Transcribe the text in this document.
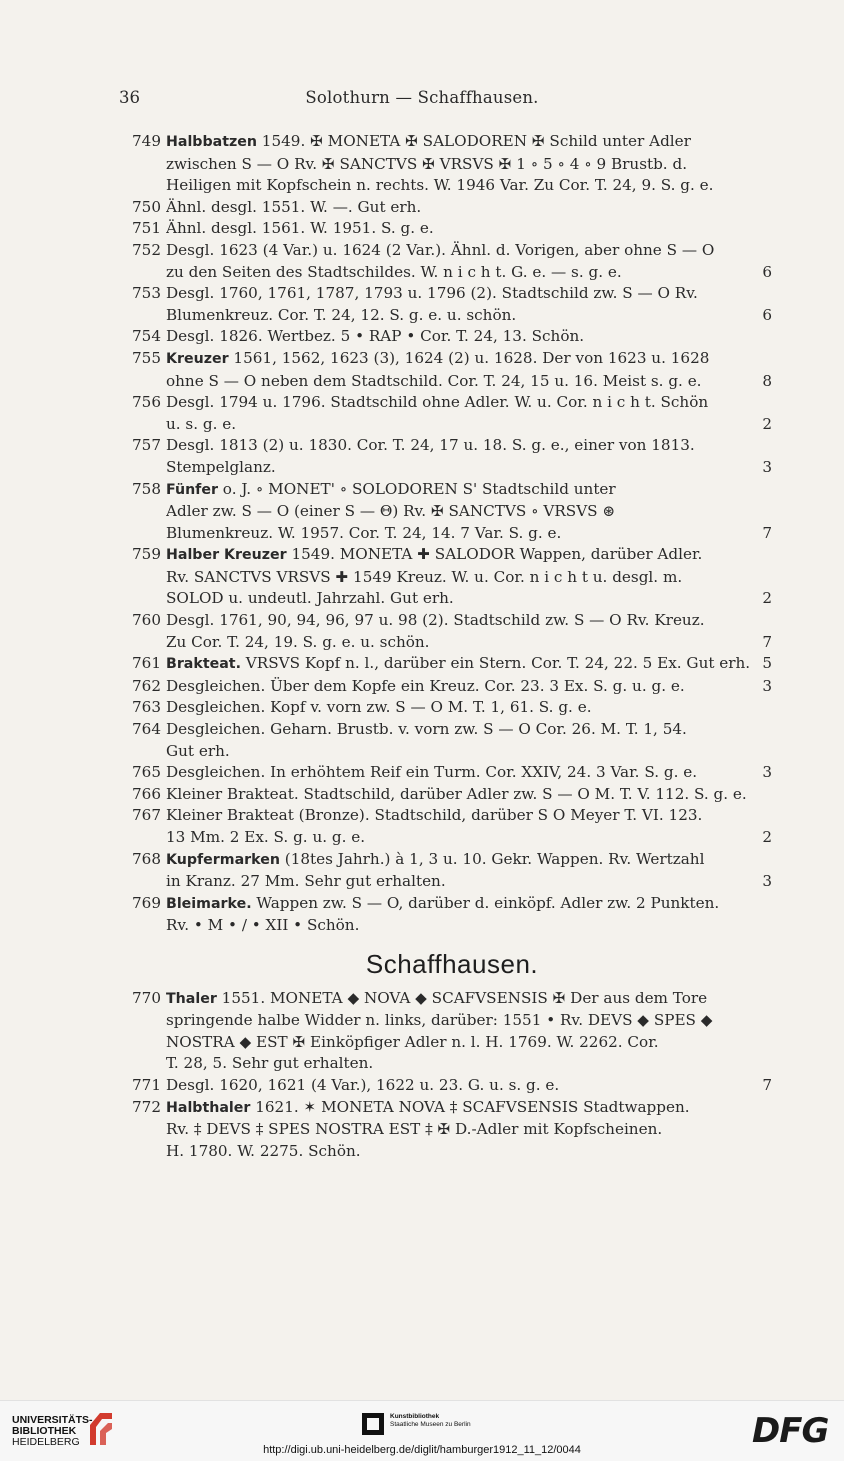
36	Solothurn — Schaffhausen.
749 Halbbatzen 1549. ✠ MONETA ✠ SALODOREN ✠ Schild unter Adler
zwischen S — O Rv. ✠ SANCTVS ✠ VRSVS ✠ 1 ∘ 5 ∘ 4 ∘ 9 Brustb. d.
Heiligen mit Kopfschein n. rechts. W. 1946 Var. Zu Cor. T. 24, 9. S. g. e.
750 Ähnl. desgl. 1551. W. —. Gut erh.
751 Ähnl. desgl. 1561. W. 1951. S. g. e.
752 Desgl. 1623 (4 Var.) u. 1624 (2 Var.). Ähnl. d. Vorigen, aber ohne S — O
zu den Seiten des Stadtschildes. W. n i c h t. G. e. — s. g. e.	6
753 Desgl. 1760, 1761, 1787, 1793 u. 1796 (2). Stadtschild zw. S — O Rv.
Blumenkreuz. Cor. T. 24, 12. S. g. e. u. schön.	6
754 Desgl. 1826. Wertbez. 5 • RAP • Cor. T. 24, 13. Schön.
755 Kreuzer 1561, 1562, 1623 (3), 1624 (2) u. 1628. Der von 1623 u. 1628
ohne S — O neben dem Stadtschild. Cor. T. 24, 15 u. 16. Meist s. g. e.	8
756 Desgl. 1794 u. 1796. Stadtschild ohne Adler. W. u. Cor. n i c h t. Schön
u. s. g. e.	2
757 Desgl. 1813 (2) u. 1830. Cor. T. 24, 17 u. 18. S. g. e., einer von 1813.
Stempelglanz.	3
758 Fünfer o. J. ∘ MONET' ∘ SOLODOREN S' Stadtschild unter
Adler zw. S — O (einer S — Θ) Rv. ✠ SANCTVS ∘ VRSVS ⊛
Blumenkreuz. W. 1957. Cor. T. 24, 14. 7 Var. S. g. e.	7
759 Halber Kreuzer 1549. MONETA ✚ SALODOR Wappen, darüber Adler.
Rv. SANCTVS VRSVS ✚ 1549 Kreuz. W. u. Cor. n i c h t u. desgl. m.
SOLOD u. undeutl. Jahrzahl. Gut erh.	2
760 Desgl. 1761, 90, 94, 96, 97 u. 98 (2). Stadtschild zw. S — O Rv. Kreuz.
Zu Cor. T. 24, 19. S. g. e. u. schön.	7
761 Brakteat. VRSVS Kopf n. l., darüber ein Stern. Cor. T. 24, 22. 5 Ex. Gut erh. 5
762 Desgleichen. Über dem Kopfe ein Kreuz. Cor. 23. 3 Ex. S. g. u. g. e.	3
763 Desgleichen. Kopf v. vorn zw. S — O M. T. 1, 61. S. g. e.
764 Desgleichen. Geharn. Brustb. v. vorn zw. S — O Cor. 26. M. T. 1, 54.
Gut erh.
765 Desgleichen. In erhöhtem Reif ein Turm. Cor. XXIV, 24. 3 Var. S. g. e.	3
766 Kleiner Brakteat. Stadtschild, darüber Adler zw. S — O M. T. V. 112. S. g. e.
767 Kleiner Brakteat (Bronze). Stadtschild, darüber S O Meyer T. VI. 123.
13 Mm. 2 Ex. S. g. u. g. e.	2
768 Kupfermarken (18tes Jahrh.) à 1, 3 u. 10. Gekr. Wappen. Rv. Wertzahl
in Kranz. 27 Mm. Sehr gut erhalten.	3
769 Bleimarke. Wappen zw. S — O, darüber d. einköpf. Adler zw. 2 Punkten.
Rv. • M • / • XII • Schön.
Schaffhausen.
770 Thaler 1551. MONETA ◆ NOVA ◆ SCAFVSENSIS ✠ Der aus dem Tore
springende halbe Widder n. links, darüber: 1551 • Rv. DEVS ◆ SPES ◆
NOSTRA ◆ EST ✠ Einköpfiger Adler n. l. H. 1769. W. 2262. Cor.
T. 28, 5. Sehr gut erhalten.
771 Desgl. 1620, 1621 (4 Var.), 1622 u. 23. G. u. s. g. e.	7
772 Halbthaler 1621. ✶ MONETA NOVA ‡ SCAFVSENSIS Stadtwappen.
Rv. ‡ DEVS ‡ SPES NOSTRA EST ‡ ✠ D.-Adler mit Kopfscheinen.
H. 1780. W. 2275. Schön.
UNIVERSITÄTS-
BIBLIOTHEK
HEIDELBERG
Kunstbibliothek
Staatliche Museen zu Berlin	DFG
http://digi.ub.uni-heidelberg.de/diglit/hamburger1912_11_12/0044
